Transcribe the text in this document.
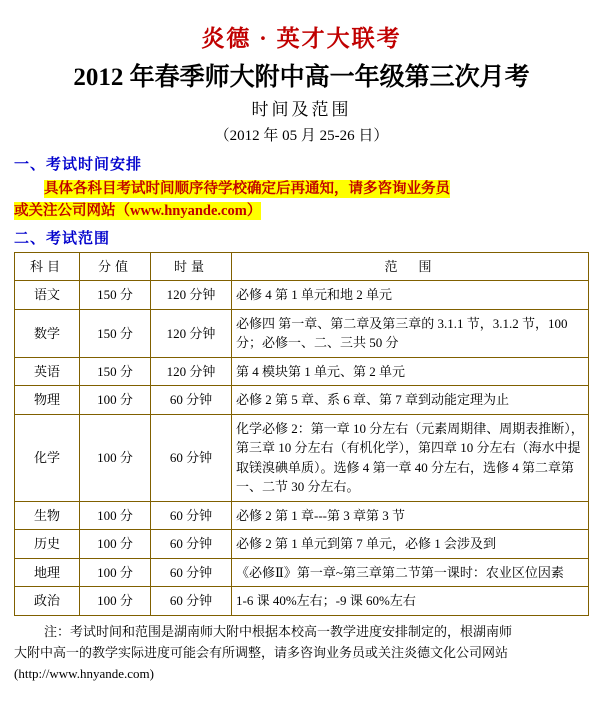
炎德 · 英才大联考
2012 年春季师大附中高一年级第三次月考
时间及范围
（2012 年 05 月 25-26 日）
一、考试时间安排
具体各科目考试时间顺序待学校确定后再通知，请多咨询业务员
或关注公司网站（www.hnyande.com）
二、考试范围
科目	分值	时量	范　围
语文	150 分	120 分钟	必修 4 第 1 单元和地 2 单元
数学	150 分	120 分钟	必修四 第一章、第二章及第三章的 3.1.1 节，3.1.2 节，100 分；必修一、二、三共 50 分
英语	150 分	120 分钟	第 4 模块第 1 单元、第 2 单元
物理	100 分	60 分钟	必修 2 第 5 章、系 6 章、第 7 章到动能定理为止
化学	100 分	60 分钟	化学必修 2：第一章 10 分左右（元素周期律、周期表推断），第三章 10 分左右（有机化学），第四章 10 分左右（海水中提取镁溴碘单质）。选修 4 第一章 40 分左右，选修 4 第二章第一、二节 30 分左右。
生物	100 分	60 分钟	必修 2 第 1 章---第 3 章第 3 节
历史	100 分	60 分钟	必修 2 第 1 单元到第 7 单元，必修 1 会涉及到
地理	100 分	60 分钟	《必修Ⅱ》第一章~第三章第二节第一课时：农业区位因素
政治	100 分	60 分钟	1-6 课 40%左右；-9 课 60%左右
注：考试时间和范围是湖南师大附中根据本校高一教学进度安排制定的，根湖南师
大附中高一的教学实际进度可能会有所调整，请多咨询业务员或关注炎德文化公司网站
(http://www.hnyande.com)
